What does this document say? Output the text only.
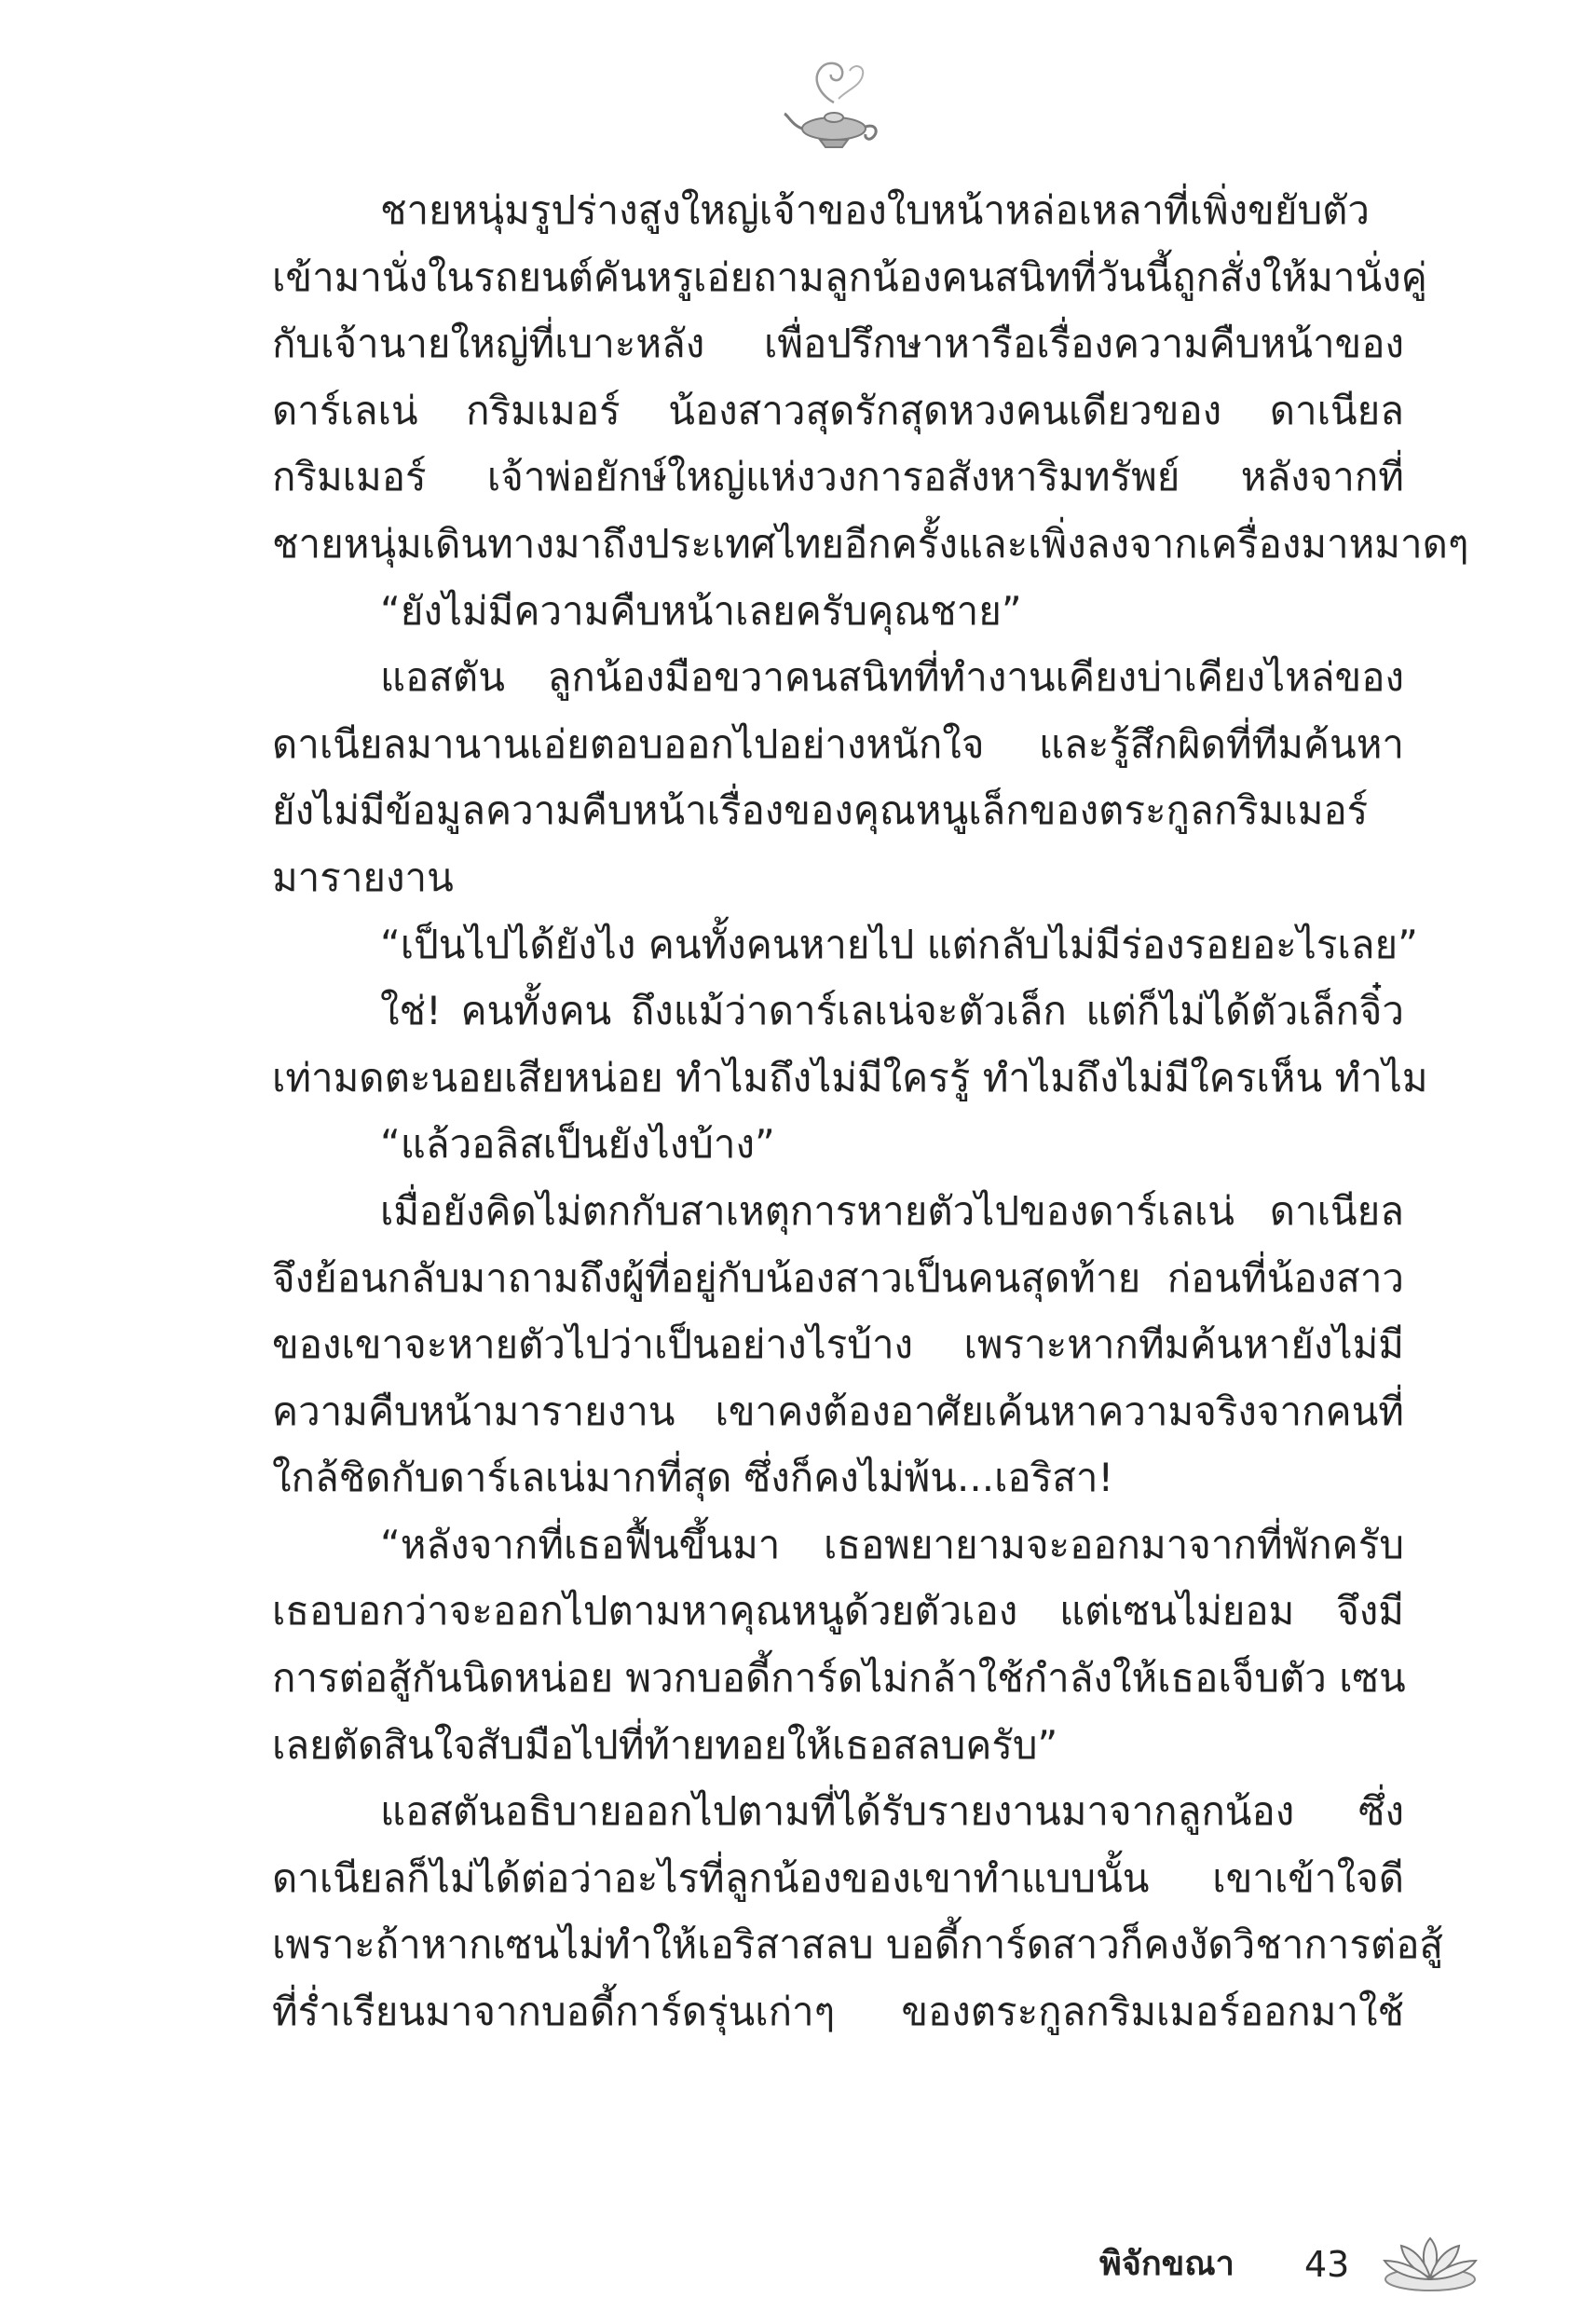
ชายหนุ่มรูปร่างสูงใหญ่เจ้าของใบหน้าหล่อเหลาที่เพิ่งขยับตัว
เข้ามานั่งในรถยนต์คันหรูเอ่ยถามลูกน้องคนสนิทที่วันนี้ถูกสั่งให้มานั่งคู่
กับเจ้านายใหญ่ที่เบาะหลัง เพื่อปรึกษาหารือเรื่องความคืบหน้าของ
ดาร์เลเน่ กริมเมอร์ น้องสาวสุดรักสุดหวงคนเดียวของ ดาเนียล
กริมเมอร์ เจ้าพ่อยักษ์ใหญ่แห่งวงการอสังหาริมทรัพย์ หลังจากที่
ชายหนุ่มเดินทางมาถึงประเทศไทยอีกครั้งและเพิ่งลงจากเครื่องมาหมาดๆ
“ยังไม่มีความคืบหน้าเลยครับคุณชาย”
แอสตัน ลูกน้องมือขวาคนสนิทที่ทำงานเคียงบ่าเคียงไหล่ของ
ดาเนียลมานานเอ่ยตอบออกไปอย่างหนักใจ และรู้สึกผิดที่ทีมค้นหา
ยังไม่มีข้อมูลความคืบหน้าเรื่องของคุณหนูเล็กของตระกูลกริมเมอร์
มารายงาน
“เป็นไปได้ยังไง คนทั้งคนหายไป แต่กลับไม่มีร่องรอยอะไรเลย”
ใช่! คนทั้งคน ถึงแม้ว่าดาร์เลเน่จะตัวเล็ก แต่ก็ไม่ได้ตัวเล็กจิ๋ว
เท่ามดตะนอยเสียหน่อย ทำไมถึงไม่มีใครรู้ ทำไมถึงไม่มีใครเห็น ทำไม
“แล้วอลิสเป็นยังไงบ้าง”
เมื่อยังคิดไม่ตกกับสาเหตุการหายตัวไปของดาร์เลเน่ ดาเนียล
จึงย้อนกลับมาถามถึงผู้ที่อยู่กับน้องสาวเป็นคนสุดท้าย ก่อนที่น้องสาว
ของเขาจะหายตัวไปว่าเป็นอย่างไรบ้าง เพราะหากทีมค้นหายังไม่มี
ความคืบหน้ามารายงาน เขาคงต้องอาศัยเค้นหาความจริงจากคนที่
ใกล้ชิดกับดาร์เลเน่มากที่สุด ซึ่งก็คงไม่พ้น...เอริสา!
“หลังจากที่เธอฟื้นขึ้นมา เธอพยายามจะออกมาจากที่พักครับ
เธอบอกว่าจะออกไปตามหาคุณหนูด้วยตัวเอง แต่เซนไม่ยอม จึงมี
การต่อสู้กันนิดหน่อย พวกบอดี้การ์ดไม่กล้าใช้กำลังให้เธอเจ็บตัว เซน
เลยตัดสินใจสับมือไปที่ท้ายทอยให้เธอสลบครับ”
แอสตันอธิบายออกไปตามที่ได้รับรายงานมาจากลูกน้อง ซึ่ง
ดาเนียลก็ไม่ได้ต่อว่าอะไรที่ลูกน้องของเขาทำแบบนั้น เขาเข้าใจดี
เพราะถ้าหากเซนไม่ทำให้เอริสาสลบ บอดี้การ์ดสาวก็คงงัดวิชาการต่อสู้
ที่ร่ำเรียนมาจากบอดี้การ์ดรุ่นเก่าๆ ของตระกูลกริมเมอร์ออกมาใช้
พิจักขณา 43
